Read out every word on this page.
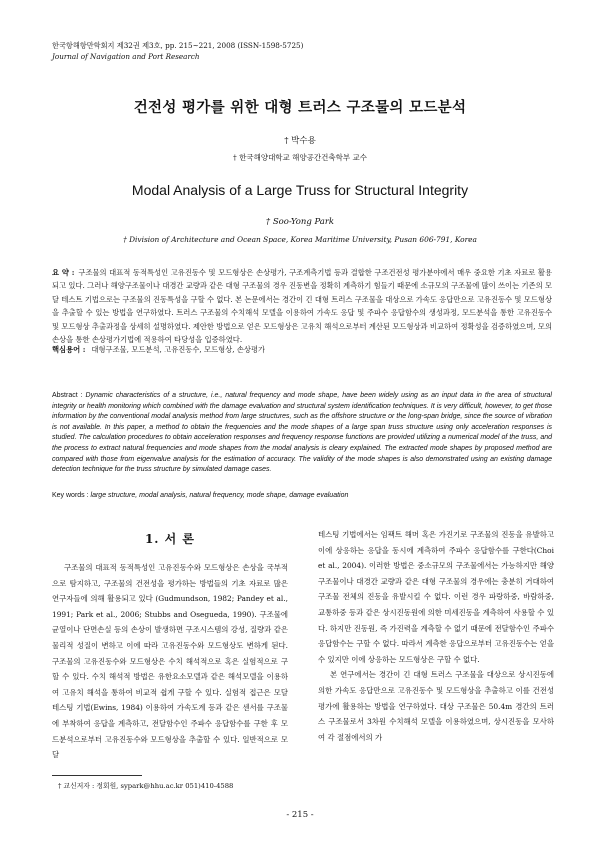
한국항해항만학회지 제32권 제3호, pp. 215~221, 2008 (ISSN-1598-5725)
Journal of Navigation and Port Research
건전성 평가를 위한 대형 트러스 구조물의 모드분석
† 박수용
† 한국해양대학교 해양공간건축학부 교수
Modal Analysis of a Large Truss for Structural Integrity
† Soo-Yong Park
† Division of Architecture and Ocean Space, Korea Maritime University, Pusan 606-791, Korea
요 약 : 구조물의 대표적 동적특성인 고유진동수 및 모드형상은 손상평가, 구조계측기법 등과 결합한 구조건전성 평가분야에서 매우 중요한 기초 자료로 활용되고 있다. 그러나 해양구조물이나 대경간 교량과 같은 대형 구조물의 경우 진동변을 정확히 계측하기 힘들기 때문에 소규모의 구조물에 많이 쓰이는 기존의 모달 테스트 기법으로는 구조물의 진동특성을 구할 수 없다. 본 논문에서는 경간이 긴 대형 트러스 구조물을 대상으로 가속도 응답만으로 고유진동수 및 모드형상을 추출할 수 있는 방법을 연구하였다. 트러스 구조물의 수치해석 모델을 이용하여 가속도 응답 및 주파수 응답함수의 생성과정, 모드분석을 통한 고유진동수 및 모드형상 추출과정을 상세히 설명하였다. 제안한 방법으로 얻은 모드형상은 고유치 해석으로부터 계산된 모드형상과 비교하여 정확성을 검증하였으며, 모의 손상을 통한 손상평가기법에 적용하여 타당성을 입증하였다.
핵심용어 : 대형구조물, 모드분석, 고유진동수, 모드형상, 손상평가
Abstract : Dynamic characteristics of a structure, i.e., natural frequency and mode shape, have been widely using as an input data in the area of structural integrity or health monitoring which combined with the damage evaluation and structural system identification techniques. It is very difficult, however, to get those information by the conventional modal analysis method from large structures, such as the offshore structure or the long-span bridge, since the source of vibration is not available. In this paper, a method to obtain the frequencies and the mode shapes of a large span truss structure using only acceleration responses is studied. The calculation procedures to obtain acceleration responses and frequency response functions are provided utilizing a numerical model of the truss, and the process to extract natural frequencies and mode shapes from the modal analysis is cleary explained. The extracted mode shapes by proposed method are compared with those from eigenvalue analysis for the estimation of accuracy. The validity of the mode shapes is also demonstrated using an existing damage detection technique for the truss structure by simulated damage cases.
Key words : large structure, modal analysis, natural frequency, mode shape, damage evaluation
1. 서 론

구조물의 대표적 동적특성인 고유진동수와 모드형상은 손상을 국부적으로 탐지하고, 구조물의 건전성을 평가하는 방법들의 기초 자료로 많은 연구자들에 의해 활용되고 있다 (Gudmundson, 1982; Pandey et al., 1991; Park et al., 2006; Stubbs and Osegueda, 1990). 구조물에 균열이나 단면손실 등의 손상이 발생하면 구조시스템의 강성, 질량과 같은 물리적 성질이 변하고 이에 따라 고유진동수와 모드형상도 변하게 된다. 구조물의 고유진동수와 모드형상은 수치 해석적으로 혹은 실험적으로 구할 수 있다. 수치 해석적 방법은 유한요소모델과 같은 해석모델을 이용하여 고유치 해석을 통하여 비교적 쉽게 구할 수 있다. 실험적 접근은 모달 테스팅 기법(Ewins, 1984) 이용하여 가속도계 등과 같은 센서를 구조물에 부착하여 응답을 계측하고, 전달함수인 주파수 응답함수를 구한 후 모드분석으로부터 고유진동수와 모드형상을 추출할 수 있다. 일반적으로 모달

테스팅 기법에서는 임팩트 해머 혹은 가진기로 구조물의 진동을 유발하고 이에 상응하는 응답을 동시에 계측하여 주파수 응답함수를 구한다(Choi et al., 2004). 이러한 방법은 중소규모의 구조물에서는 가능하지만 해양구조물이나 대경간 교량과 같은 대형 구조물의 경우에는 충분히 거대하여 구조물 전체의 진동을 유발시킬 수 없다. 이런 경우 파랑하중, 바람하중, 교통하중 등과 같은 상시진동원에 의한 미세진동을 계측하여 사용할 수 있다. 하지만 진동원, 즉 가진력을 계측할 수 없기 때문에 전달함수인 주파수 응답함수는 구할 수 없다. 따라서 계측한 응답으로부터 고유진동수는 얻을 수 있지만 이에 상응하는 모드형상은 구할 수 없다.

본 연구에서는 경간이 긴 대형 트러스 구조물을 대상으로 상시진동에 의한 가속도 응답만으로 고유진동수 및 모드형상을 추출하고 이를 건전성 평가에 활용하는 방법을 연구하였다. 대상 구조물은 50.4m 경간의 트러스 구조물로서 3차원 수치해석 모델을 이용하였으며, 상시진동을 모사하여 각 절점에서의 가

† 교신저자 : 정회원, sypark@hhu.ac.kr 051)410-4588
- 215 -
